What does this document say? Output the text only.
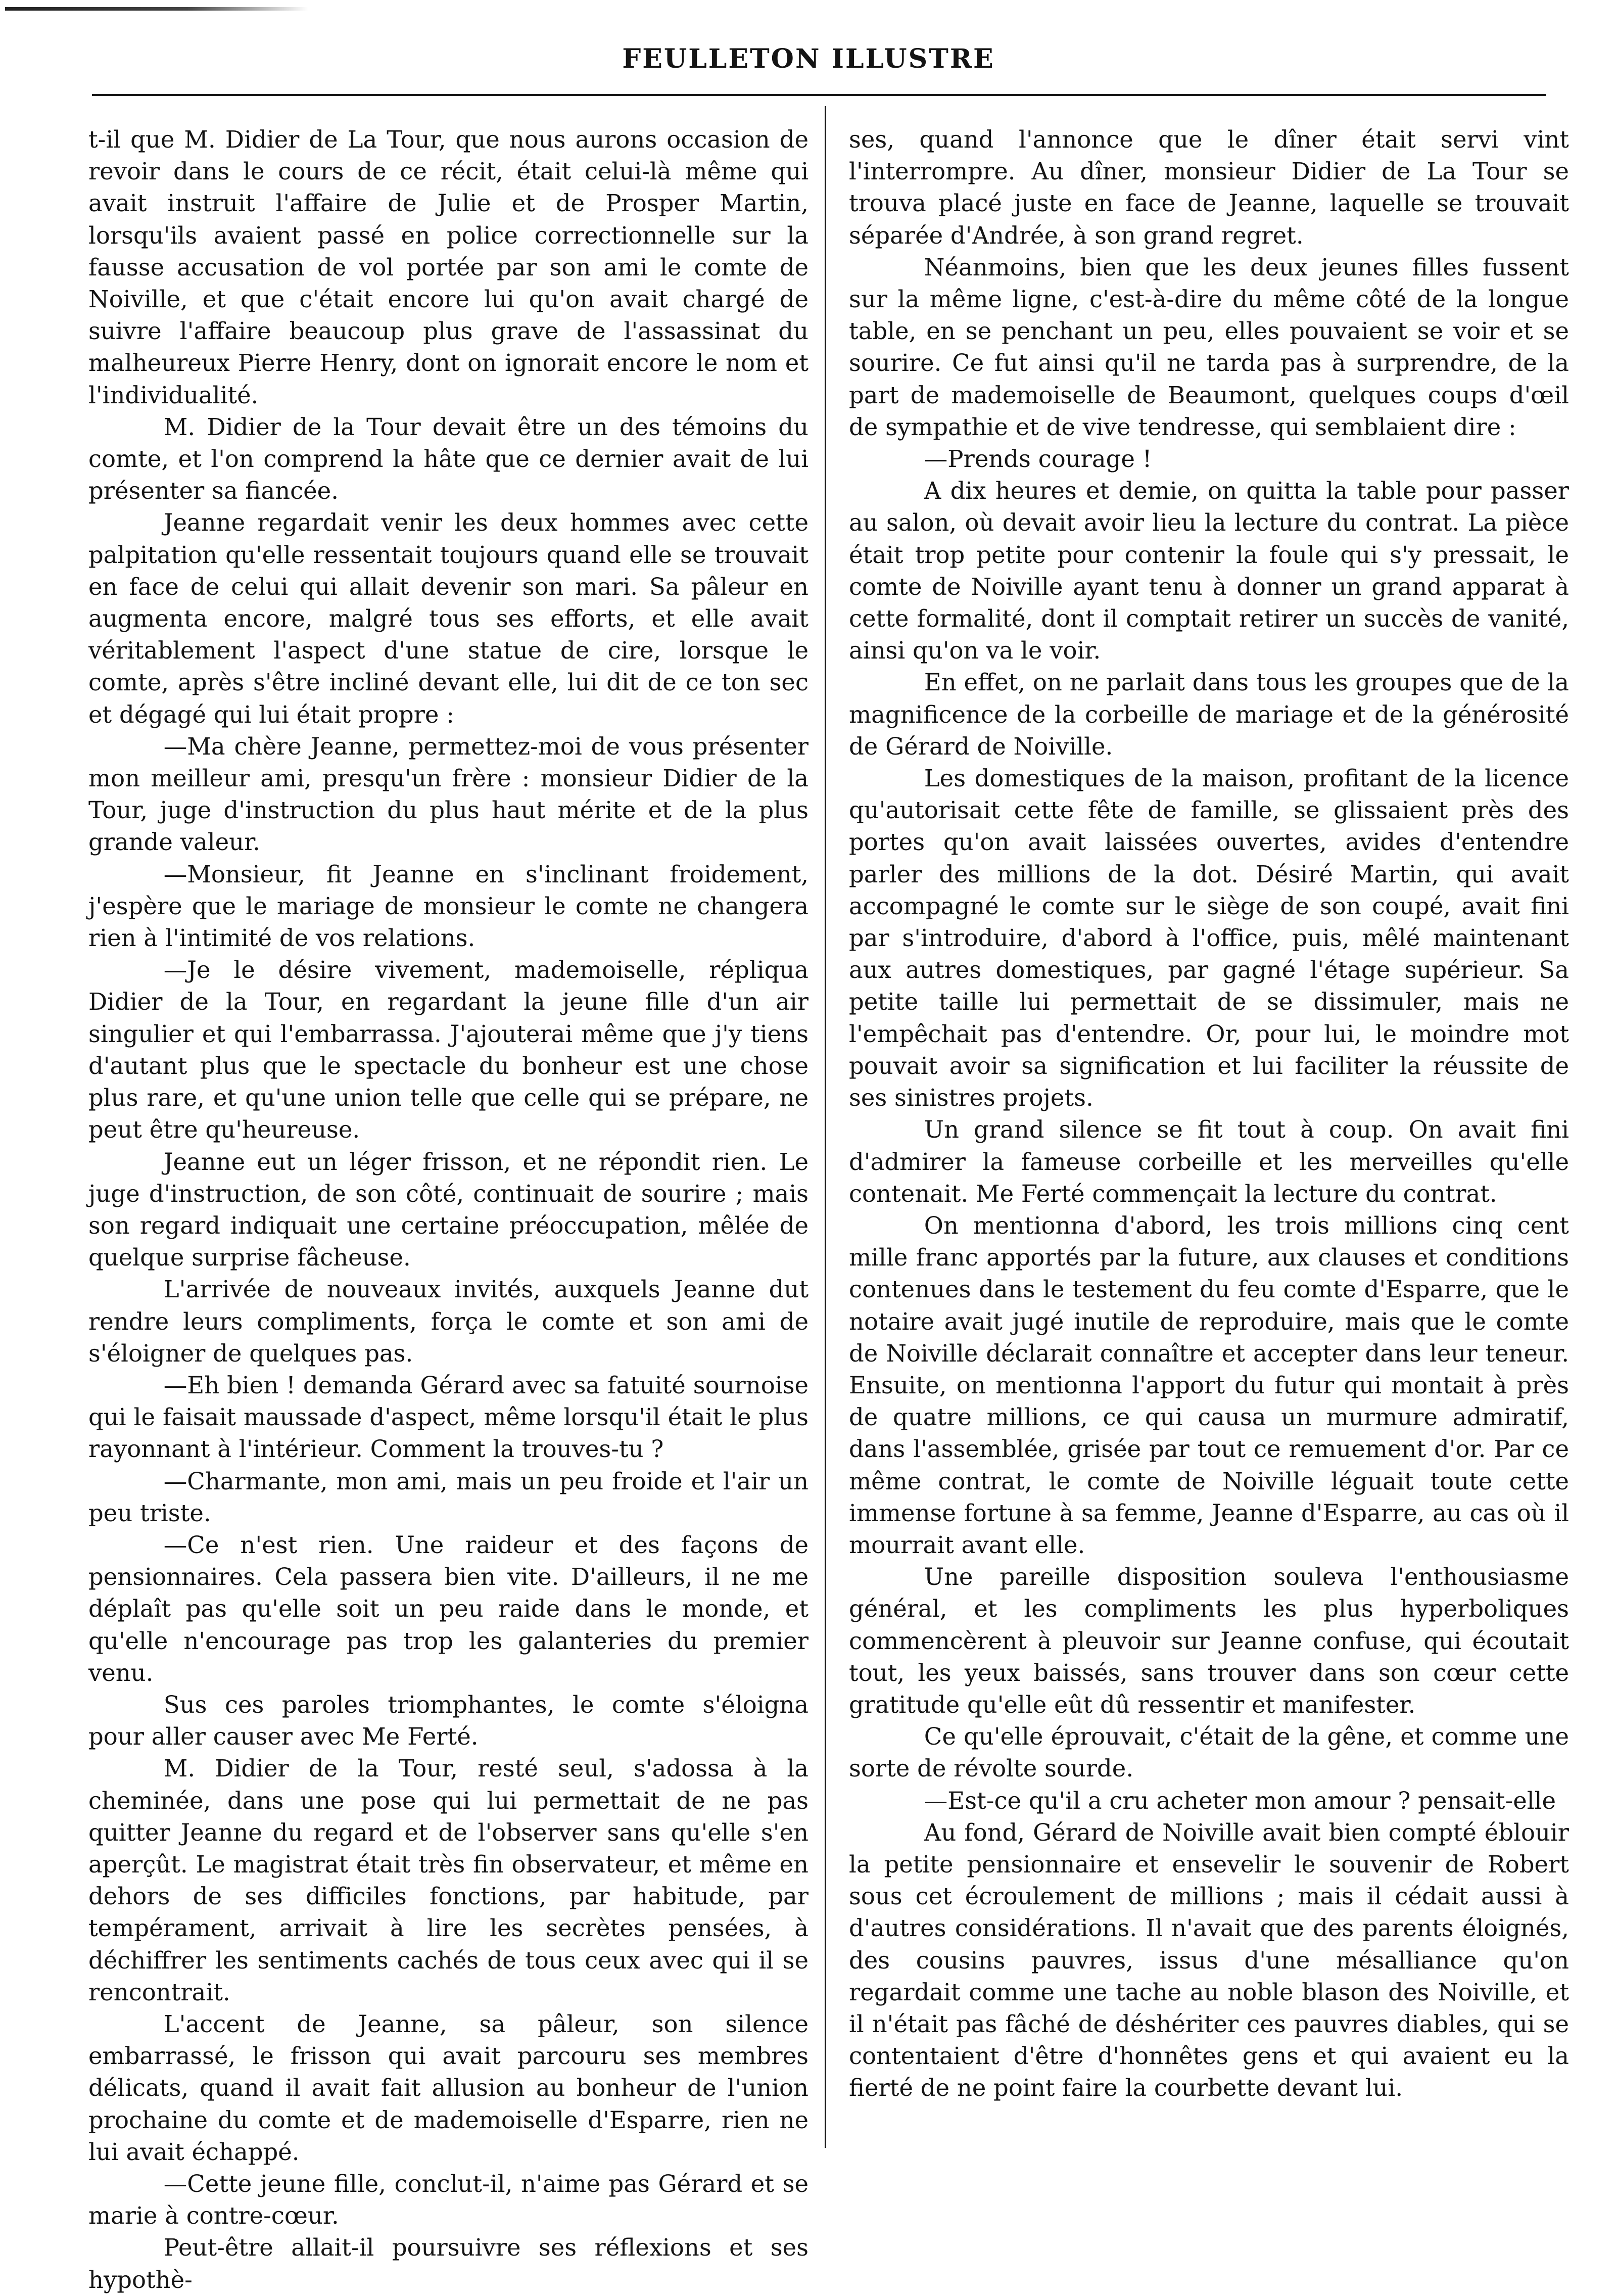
FEULLETON ILLUSTRE

t-il que M. Didier de La Tour, que nous aurons occasion de revoir dans le cours de ce récit, était celui-là même qui avait instruit l'affaire de Julie et de Prosper Martin, lorsqu'ils avaient passé en police correctionnelle sur la fausse accusation de vol portée par son ami le comte de Noiville, et que c'était encore lui qu'on avait chargé de suivre l'affaire beaucoup plus grave de l'assassinat du malheureux Pierre Henry, dont on ignorait encore le nom et l'individualité.

M. Didier de la Tour devait être un des témoins du comte, et l'on comprend la hâte que ce dernier avait de lui présenter sa fiancée.

Jeanne regardait venir les deux hommes avec cette palpitation qu'elle ressentait toujours quand elle se trouvait en face de celui qui allait devenir son mari. Sa pâleur en augmenta encore, malgré tous ses efforts, et elle avait véritablement l'aspect d'une statue de cire, lorsque le comte, après s'être incliné devant elle, lui dit de ce ton sec et dégagé qui lui était propre :

—Ma chère Jeanne, permettez-moi de vous présenter mon meilleur ami, presqu'un frère : monsieur Didier de la Tour, juge d'instruction du plus haut mérite et de la plus grande valeur.

—Monsieur, fit Jeanne en s'inclinant froidement, j'espère que le mariage de monsieur le comte ne changera rien à l'intimité de vos relations.

—Je le désire vivement, mademoiselle, répliqua Didier de la Tour, en regardant la jeune fille d'un air singulier et qui l'embarrassa. J'ajouterai même que j'y tiens d'autant plus que le spectacle du bonheur est une chose plus rare, et qu'une union telle que celle qui se prépare, ne peut être qu'heureuse.

Jeanne eut un léger frisson, et ne répondit rien. Le juge d'instruction, de son côté, continuait de sourire ; mais son regard indiquait une certaine préoccupation, mêlée de quelque surprise fâcheuse.

L'arrivée de nouveaux invités, auxquels Jeanne dut rendre leurs compliments, força le comte et son ami de s'éloigner de quelques pas.

—Eh bien ! demanda Gérard avec sa fatuité sournoise qui le faisait maussade d'aspect, même lorsqu'il était le plus rayonnant à l'intérieur. Comment la trouves-tu ?

—Charmante, mon ami, mais un peu froide et l'air un peu triste.

—Ce n'est rien. Une raideur et des façons de pensionnaires. Cela passera bien vite. D'ailleurs, il ne me déplaît pas qu'elle soit un peu raide dans le monde, et qu'elle n'encourage pas trop les galanteries du premier venu.

Sus ces paroles triomphantes, le comte s'éloigna pour aller causer avec Me Ferté.

M. Didier de la Tour, resté seul, s'adossa à la cheminée, dans une pose qui lui permettait de ne pas quitter Jeanne du regard et de l'observer sans qu'elle s'en aperçût. Le magistrat était très fin observateur, et même en dehors de ses difficiles fonctions, par habitude, par tempérament, arrivait à lire les secrètes pensées, à déchiffrer les sentiments cachés de tous ceux avec qui il se rencontrait.

L'accent de Jeanne, sa pâleur, son silence embarrassé, le frisson qui avait parcouru ses membres délicats, quand il avait fait allusion au bonheur de l'union prochaine du comte et de mademoiselle d'Esparre, rien ne lui avait échappé.

—Cette jeune fille, conclut-il, n'aime pas Gérard et se marie à contre-cœur.

Peut-être allait-il poursuivre ses réflexions et ses hypothè-

ses, quand l'annonce que le dîner était servi vint l'interrompre. Au dîner, monsieur Didier de La Tour se trouva placé juste en face de Jeanne, laquelle se trouvait séparée d'Andrée, à son grand regret.

Néanmoins, bien que les deux jeunes filles fussent sur la même ligne, c'est-à-dire du même côté de la longue table, en se penchant un peu, elles pouvaient se voir et se sourire. Ce fut ainsi qu'il ne tarda pas à surprendre, de la part de mademoiselle de Beaumont, quelques coups d'œil de sympathie et de vive tendresse, qui semblaient dire :

—Prends courage !

A dix heures et demie, on quitta la table pour passer au salon, où devait avoir lieu la lecture du contrat. La pièce était trop petite pour contenir la foule qui s'y pressait, le comte de Noiville ayant tenu à donner un grand apparat à cette formalité, dont il comptait retirer un succès de vanité, ainsi qu'on va le voir.

En effet, on ne parlait dans tous les groupes que de la magnificence de la corbeille de mariage et de la générosité de Gérard de Noiville.

Les domestiques de la maison, profitant de la licence qu'autorisait cette fête de famille, se glissaient près des portes qu'on avait laissées ouvertes, avides d'entendre parler des millions de la dot. Désiré Martin, qui avait accompagné le comte sur le siège de son coupé, avait fini par s'introduire, d'abord à l'office, puis, mêlé maintenant aux autres domestiques, par gagné l'étage supérieur. Sa petite taille lui permettait de se dissimuler, mais ne l'empêchait pas d'entendre. Or, pour lui, le moindre mot pouvait avoir sa signification et lui faciliter la réussite de ses sinistres projets.

Un grand silence se fit tout à coup. On avait fini d'admirer la fameuse corbeille et les merveilles qu'elle contenait. Me Ferté commençait la lecture du contrat.

On mentionna d'abord, les trois millions cinq cent mille franc apportés par la future, aux clauses et conditions contenues dans le testement du feu comte d'Esparre, que le notaire avait jugé inutile de reproduire, mais que le comte de Noiville déclarait connaître et accepter dans leur teneur. Ensuite, on mentionna l'apport du futur qui montait à près de quatre millions, ce qui causa un murmure admiratif, dans l'assemblée, grisée par tout ce remuement d'or. Par ce même contrat, le comte de Noiville léguait toute cette immense fortune à sa femme, Jeanne d'Esparre, au cas où il mourrait avant elle.

Une pareille disposition souleva l'enthousiasme général, et les compliments les plus hyperboliques commencèrent à pleuvoir sur Jeanne confuse, qui écoutait tout, les yeux baissés, sans trouver dans son cœur cette gratitude qu'elle eût dû ressentir et manifester.

Ce qu'elle éprouvait, c'était de la gêne, et comme une sorte de révolte sourde.

—Est-ce qu'il a cru acheter mon amour ? pensait-elle

Au fond, Gérard de Noiville avait bien compté éblouir la petite pensionnaire et ensevelir le souvenir de Robert sous cet écroulement de millions ; mais il cédait aussi à d'autres considérations. Il n'avait que des parents éloignés, des cousins pauvres, issus d'une mésalliance qu'on regardait comme une tache au noble blason des Noiville, et il n'était pas fâché de déshériter ces pauvres diables, qui se contentaient d'être d'honnêtes gens et qui avaient eu la fierté de ne point faire la courbette devant lui.
